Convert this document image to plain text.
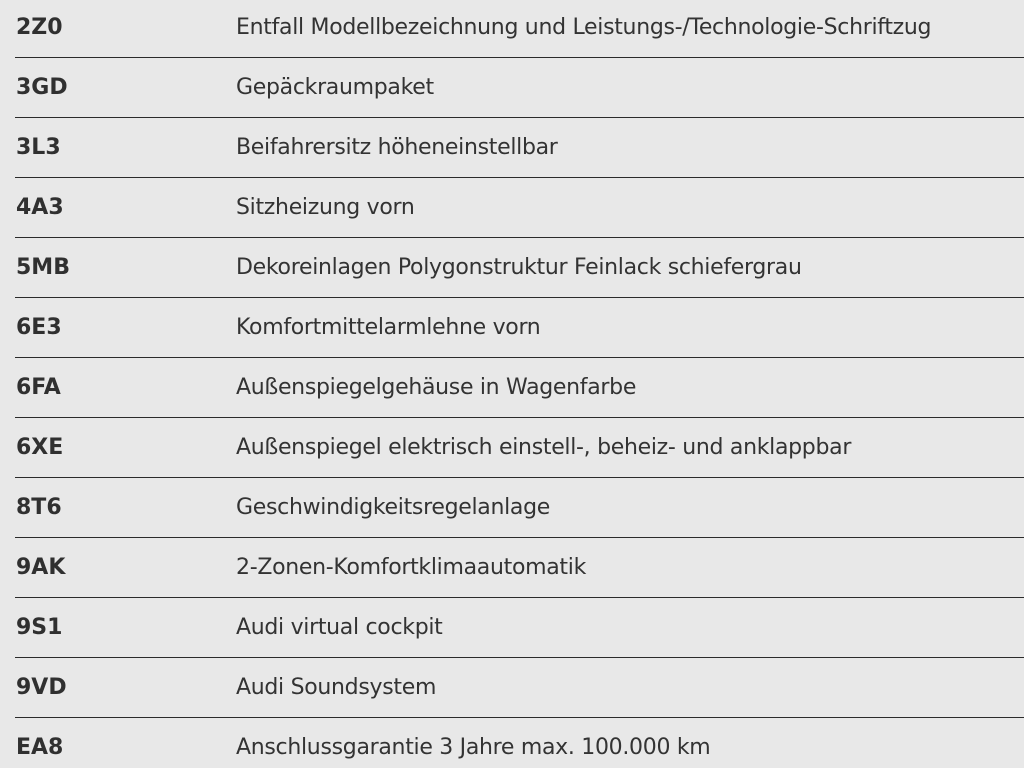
2Z0	Entfall Modellbezeichnung und Leistungs-/Technologie-Schriftzug
3GD	Gepäckraumpaket
3L3	Beifahrersitz höheneinstellbar
4A3	Sitzheizung vorn
5MB	Dekoreinlagen Polygonstruktur Feinlack schiefergrau
6E3	Komfortmittelarmlehne vorn
6FA	Außenspiegelgehäuse in Wagenfarbe
6XE	Außenspiegel elektrisch einstell-, beheiz- und anklappbar
8T6	Geschwindigkeitsregelanlage
9AK	2-Zonen-Komfortklimaautomatik
9S1	Audi virtual cockpit
9VD	Audi Soundsystem
EA8	Anschlussgarantie 3 Jahre max. 100.000 km
